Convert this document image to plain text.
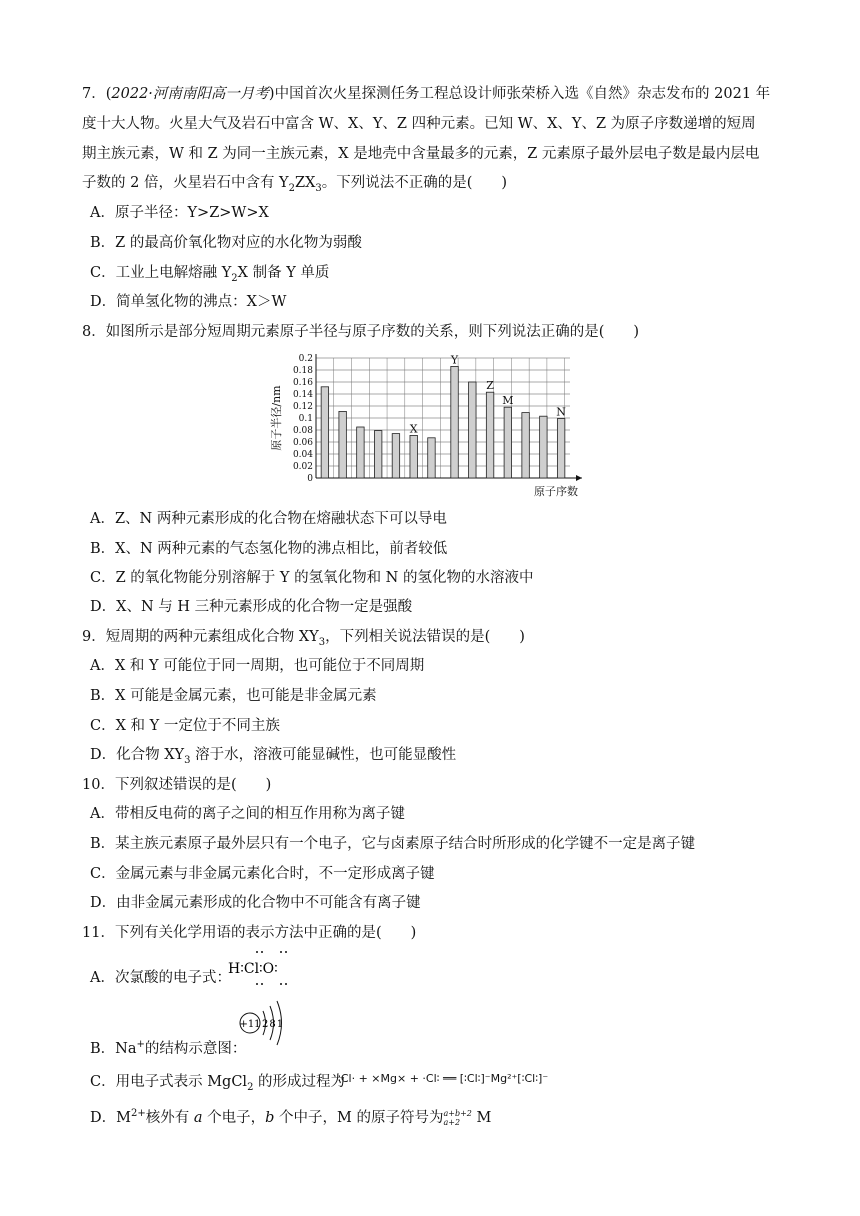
7．(2022·河南南阳高一月考)中国首次火星探测任务工程总设计师张荣桥入选《自然》杂志发布的 2021 年
度十大人物。火星大气及岩石中富含 W、X、Y、Z 四种元素。已知 W、X、Y、Z 为原子序数递增的短周
期主族元素，W 和 Z 为同一主族元素，X 是地壳中含量最多的元素，Z 元素原子最外层电子数是最内层电
子数的 2 倍，火星岩石中含有 $Y_2ZX_3$。下列说法不正确的是(　　)
A．原子半径：Y>Z>W>X
B．Z 的最高价氧化物对应的水化物为弱酸
C．工业上电解熔融 $Y_2X$ 制备 Y 单质
D．简单氢化物的沸点：X＞W
8．如图所示是部分短周期元素原子半径与原子序数的关系，则下列说法正确的是(　　)
0
0.02
0.04
0.06
0.08
0.1
0.12
0.14
0.16
0.18
0.2
X
Y
Z
M
N
原子半径/nm
原子序数
A．Z、N 两种元素形成的化合物在熔融状态下可以导电
B．X、N 两种元素的气态氢化物的沸点相比，前者较低
C．Z 的氧化物能分别溶解于 Y 的氢氧化物和 N 的氢化物的水溶液中
D．X、N 与 H 三种元素形成的化合物一定是强酸
9．短周期的两种元素组成化合物 $XY_3$，下列相关说法错误的是(　　)
A．X 和 Y 可能位于同一周期，也可能位于不同周期
B．X 可能是金属元素，也可能是非金属元素
C．X 和 Y 一定位于不同主族
D．化合物 $XY_3$ 溶于水，溶液可能显碱性，也可能显酸性
10．下列叙述错误的是(　　)
A．带相反电荷的离子之间的相互作用称为离子键
B．某主族元素原子最外层只有一个电子，它与卤素原子结合时所形成的化学键不一定是离子键
C．金属元素与非金属元素化合时，不一定形成离子键
D．由非金属元素形成的化合物中不可能含有离子键
11．下列有关化学用语的表示方法中正确的是(　　)
A．次氯酸的电子式：
H∶Cl∶O∶
B．Na+的结构示意图：
+11 281
C．用电子式表示 MgCl$_2$ 的形成过程为
∶Cl· + ×Mg× + ·Cl∶ ══ [∶Cl∶]⁻Mg²⁺[∶Cl∶]⁻
D．$M^{2+}$核外有 a 个电子，b 个中子，M 的原子符号为 a+b+2
a+2 M
